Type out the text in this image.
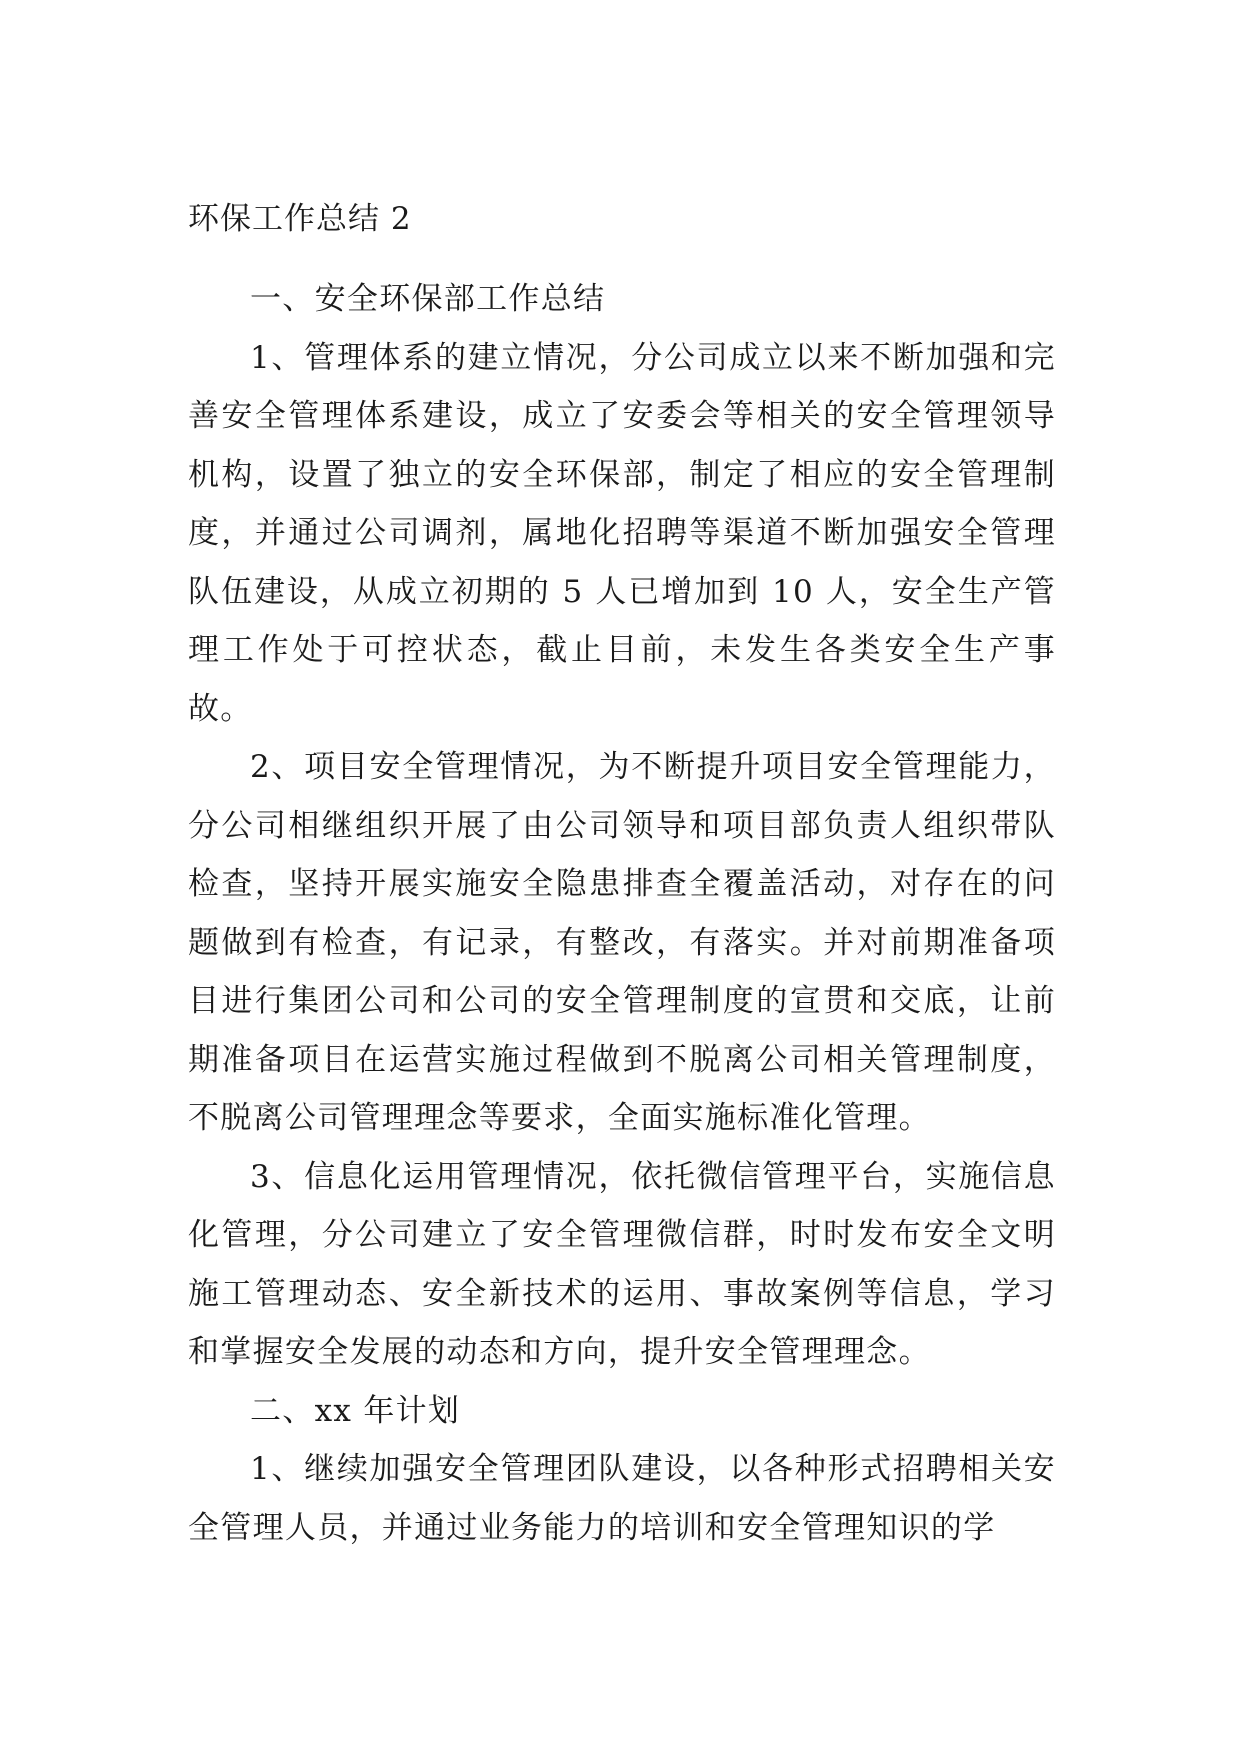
环保工作总结 2

一、安全环保部工作总结

1、管理体系的建立情况，分公司成立以来不断加强和完善安全管理体系建设，成立了安委会等相关的安全管理领导机构，设置了独立的安全环保部，制定了相应的安全管理制度，并通过公司调剂，属地化招聘等渠道不断加强安全管理队伍建设，从成立初期的 5 人已增加到 10 人，安全生产管理工作处于可控状态，截止目前，未发生各类安全生产事故。

2、项目安全管理情况，为不断提升项目安全管理能力，分公司相继组织开展了由公司领导和项目部负责人组织带队检查，坚持开展实施安全隐患排查全覆盖活动，对存在的问题做到有检查，有记录，有整改，有落实。并对前期准备项目进行集团公司和公司的安全管理制度的宣贯和交底，让前期准备项目在运营实施过程做到不脱离公司相关管理制度，不脱离公司管理理念等要求，全面实施标准化管理。

3、信息化运用管理情况，依托微信管理平台，实施信息化管理，分公司建立了安全管理微信群，时时发布安全文明施工管理动态、安全新技术的运用、事故案例等信息，学习和掌握安全发展的动态和方向，提升安全管理理念。

二、xx 年计划

1、继续加强安全管理团队建设，以各种形式招聘相关安全管理人员，并通过业务能力的培训和安全管理知识的学
